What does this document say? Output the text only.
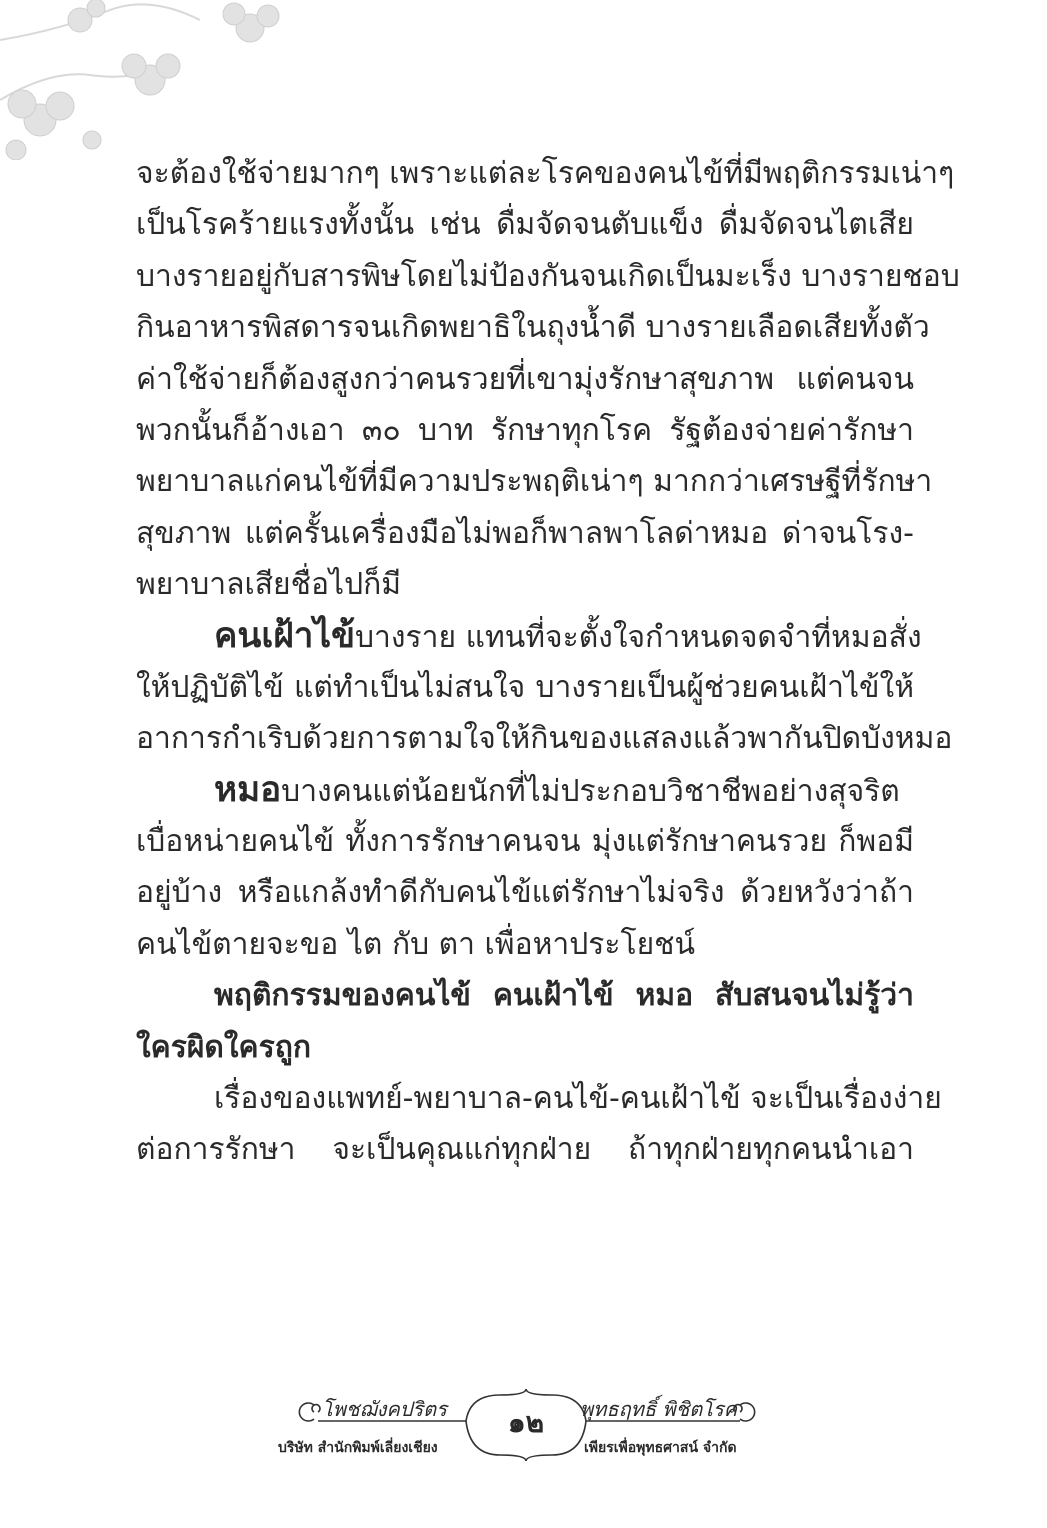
จะต้องใช้จ่ายมากๆ เพราะแต่ละโรคของคนไข้ที่มีพฤติกรรมเน่าๆ
เป็นโรคร้ายแรงทั้งนั้น เช่น ดื่มจัดจนตับแข็ง ดื่มจัดจนไตเสีย
บางรายอยู่กับสารพิษโดยไม่ป้องกันจนเกิดเป็นมะเร็ง บางรายชอบ
กินอาหารพิสดารจนเกิดพยาธิในถุงน้ำดี บางรายเลือดเสียทั้งตัว
ค่าใช้จ่ายก็ต้องสูงกว่าคนรวยที่เขามุ่งรักษาสุขภาพ แต่คนจน
พวกนั้นก็อ้างเอา ๓๐ บาท รักษาทุกโรค รัฐต้องจ่ายค่ารักษา
พยาบาลแก่คนไข้ที่มีความประพฤติเน่าๆ มากกว่าเศรษฐีที่รักษา
สุขภาพ แต่ครั้นเครื่องมือไม่พอก็พาลพาโลด่าหมอ ด่าจนโรง-
พยาบาลเสียชื่อไปก็มี
คนเฝ้าไข้บางราย แทนที่จะตั้งใจกำหนดจดจำที่หมอสั่ง
ให้ปฏิบัติไข้ แต่ทำเป็นไม่สนใจ บางรายเป็นผู้ช่วยคนเฝ้าไข้ให้
อาการกำเริบด้วยการตามใจให้กินของแสลงแล้วพากันปิดบังหมอ
หมอบางคนแต่น้อยนักที่ไม่ประกอบวิชาชีพอย่างสุจริต
เบื่อหน่ายคนไข้ ทั้งการรักษาคนจน มุ่งแต่รักษาคนรวย ก็พอมี
อยู่บ้าง หรือแกล้งทำดีกับคนไข้แต่รักษาไม่จริง ด้วยหวังว่าถ้า
คนไข้ตายจะขอ ไต กับ ตา เพื่อหาประโยชน์
พฤติกรรมของคนไข้ คนเฝ้าไข้ หมอ สับสนจนไม่รู้ว่า
ใครผิดใครถูก
เรื่องของแพทย์-พยาบาล-คนไข้-คนเฝ้าไข้ จะเป็นเรื่องง่าย
ต่อการรักษา จะเป็นคุณแก่ทุกฝ่าย ถ้าทุกฝ่ายทุกคนนำเอา
โพชฌังคปริตร	พุทธฤทธิ์ พิชิตโรค
๑๒
บริษัท สำนักพิมพ์เลี่ยงเชียง	เพียรเพื่อพุทธศาสน์ จำกัด
